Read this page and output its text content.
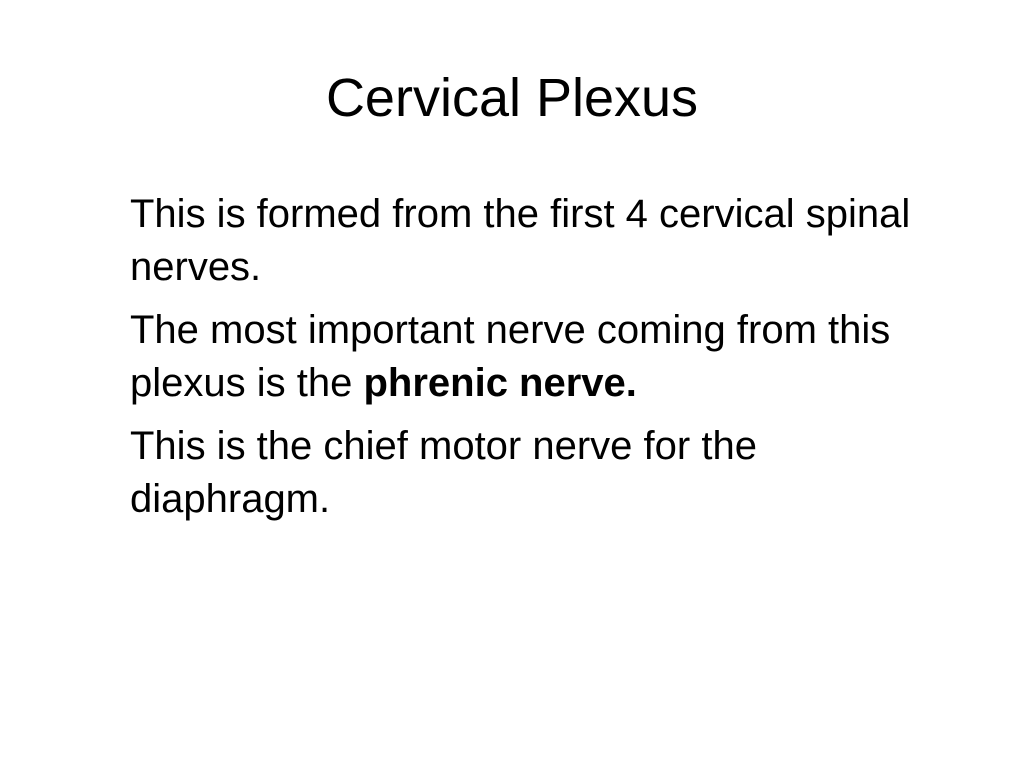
Cervical Plexus

This is formed from the first 4 cervical spinal nerves.

The most important nerve coming from this plexus is the phrenic nerve.

This is the chief motor nerve for the diaphragm.
